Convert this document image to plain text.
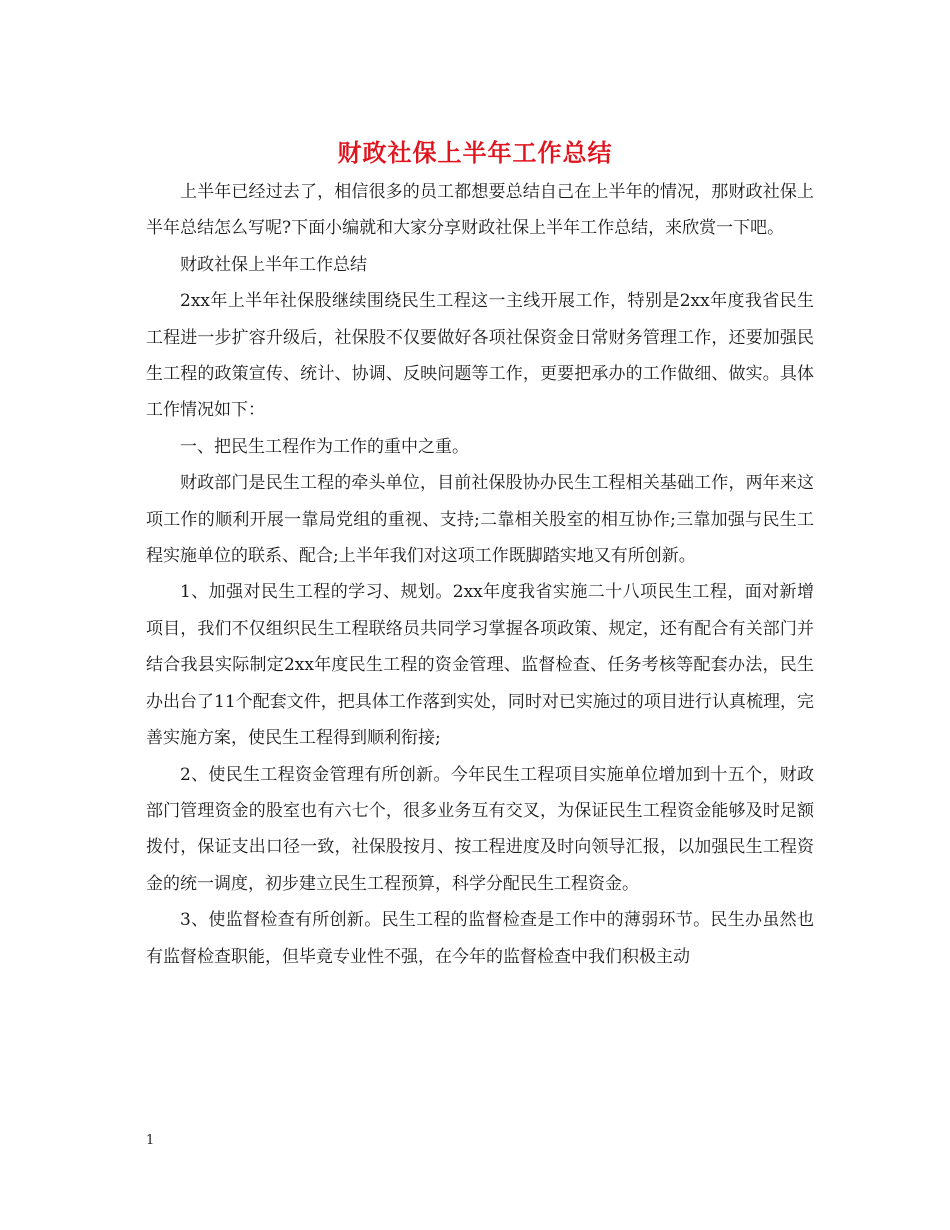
财政社保上半年工作总结

上半年已经过去了，相信很多的员工都想要总结自己在上半年的情况，那财政社保上半年总结怎么写呢?下面小编就和大家分享财政社保上半年工作总结，来欣赏一下吧。

财政社保上半年工作总结

2xx年上半年社保股继续围绕民生工程这一主线开展工作，特别是2xx年度我省民生工程进一步扩容升级后，社保股不仅要做好各项社保资金日常财务管理工作，还要加强民生工程的政策宣传、统计、协调、反映问题等工作，更要把承办的工作做细、做实。具体工作情况如下：

一、把民生工程作为工作的重中之重。

财政部门是民生工程的牵头单位，目前社保股协办民生工程相关基础工作，两年来这项工作的顺利开展一靠局党组的重视、支持;二靠相关股室的相互协作;三靠加强与民生工程实施单位的联系、配合;上半年我们对这项工作既脚踏实地又有所创新。

1、加强对民生工程的学习、规划。2xx年度我省实施二十八项民生工程，面对新增项目，我们不仅组织民生工程联络员共同学习掌握各项政策、规定，还有配合有关部门并结合我县实际制定2xx年度民生工程的资金管理、监督检查、任务考核等配套办法，民生办出台了11个配套文件，把具体工作落到实处，同时对已实施过的项目进行认真梳理，完善实施方案，使民生工程得到顺利衔接;

2、使民生工程资金管理有所创新。今年民生工程项目实施单位增加到十五个，财政部门管理资金的股室也有六七个，很多业务互有交叉，为保证民生工程资金能够及时足额拨付，保证支出口径一致，社保股按月、按工程进度及时向领导汇报，以加强民生工程资金的统一调度，初步建立民生工程预算，科学分配民生工程资金。

3、使监督检查有所创新。民生工程的监督检查是工作中的薄弱环节。民生办虽然也有监督检查职能，但毕竟专业性不强，在今年的监督检查中我们积极主动

1
